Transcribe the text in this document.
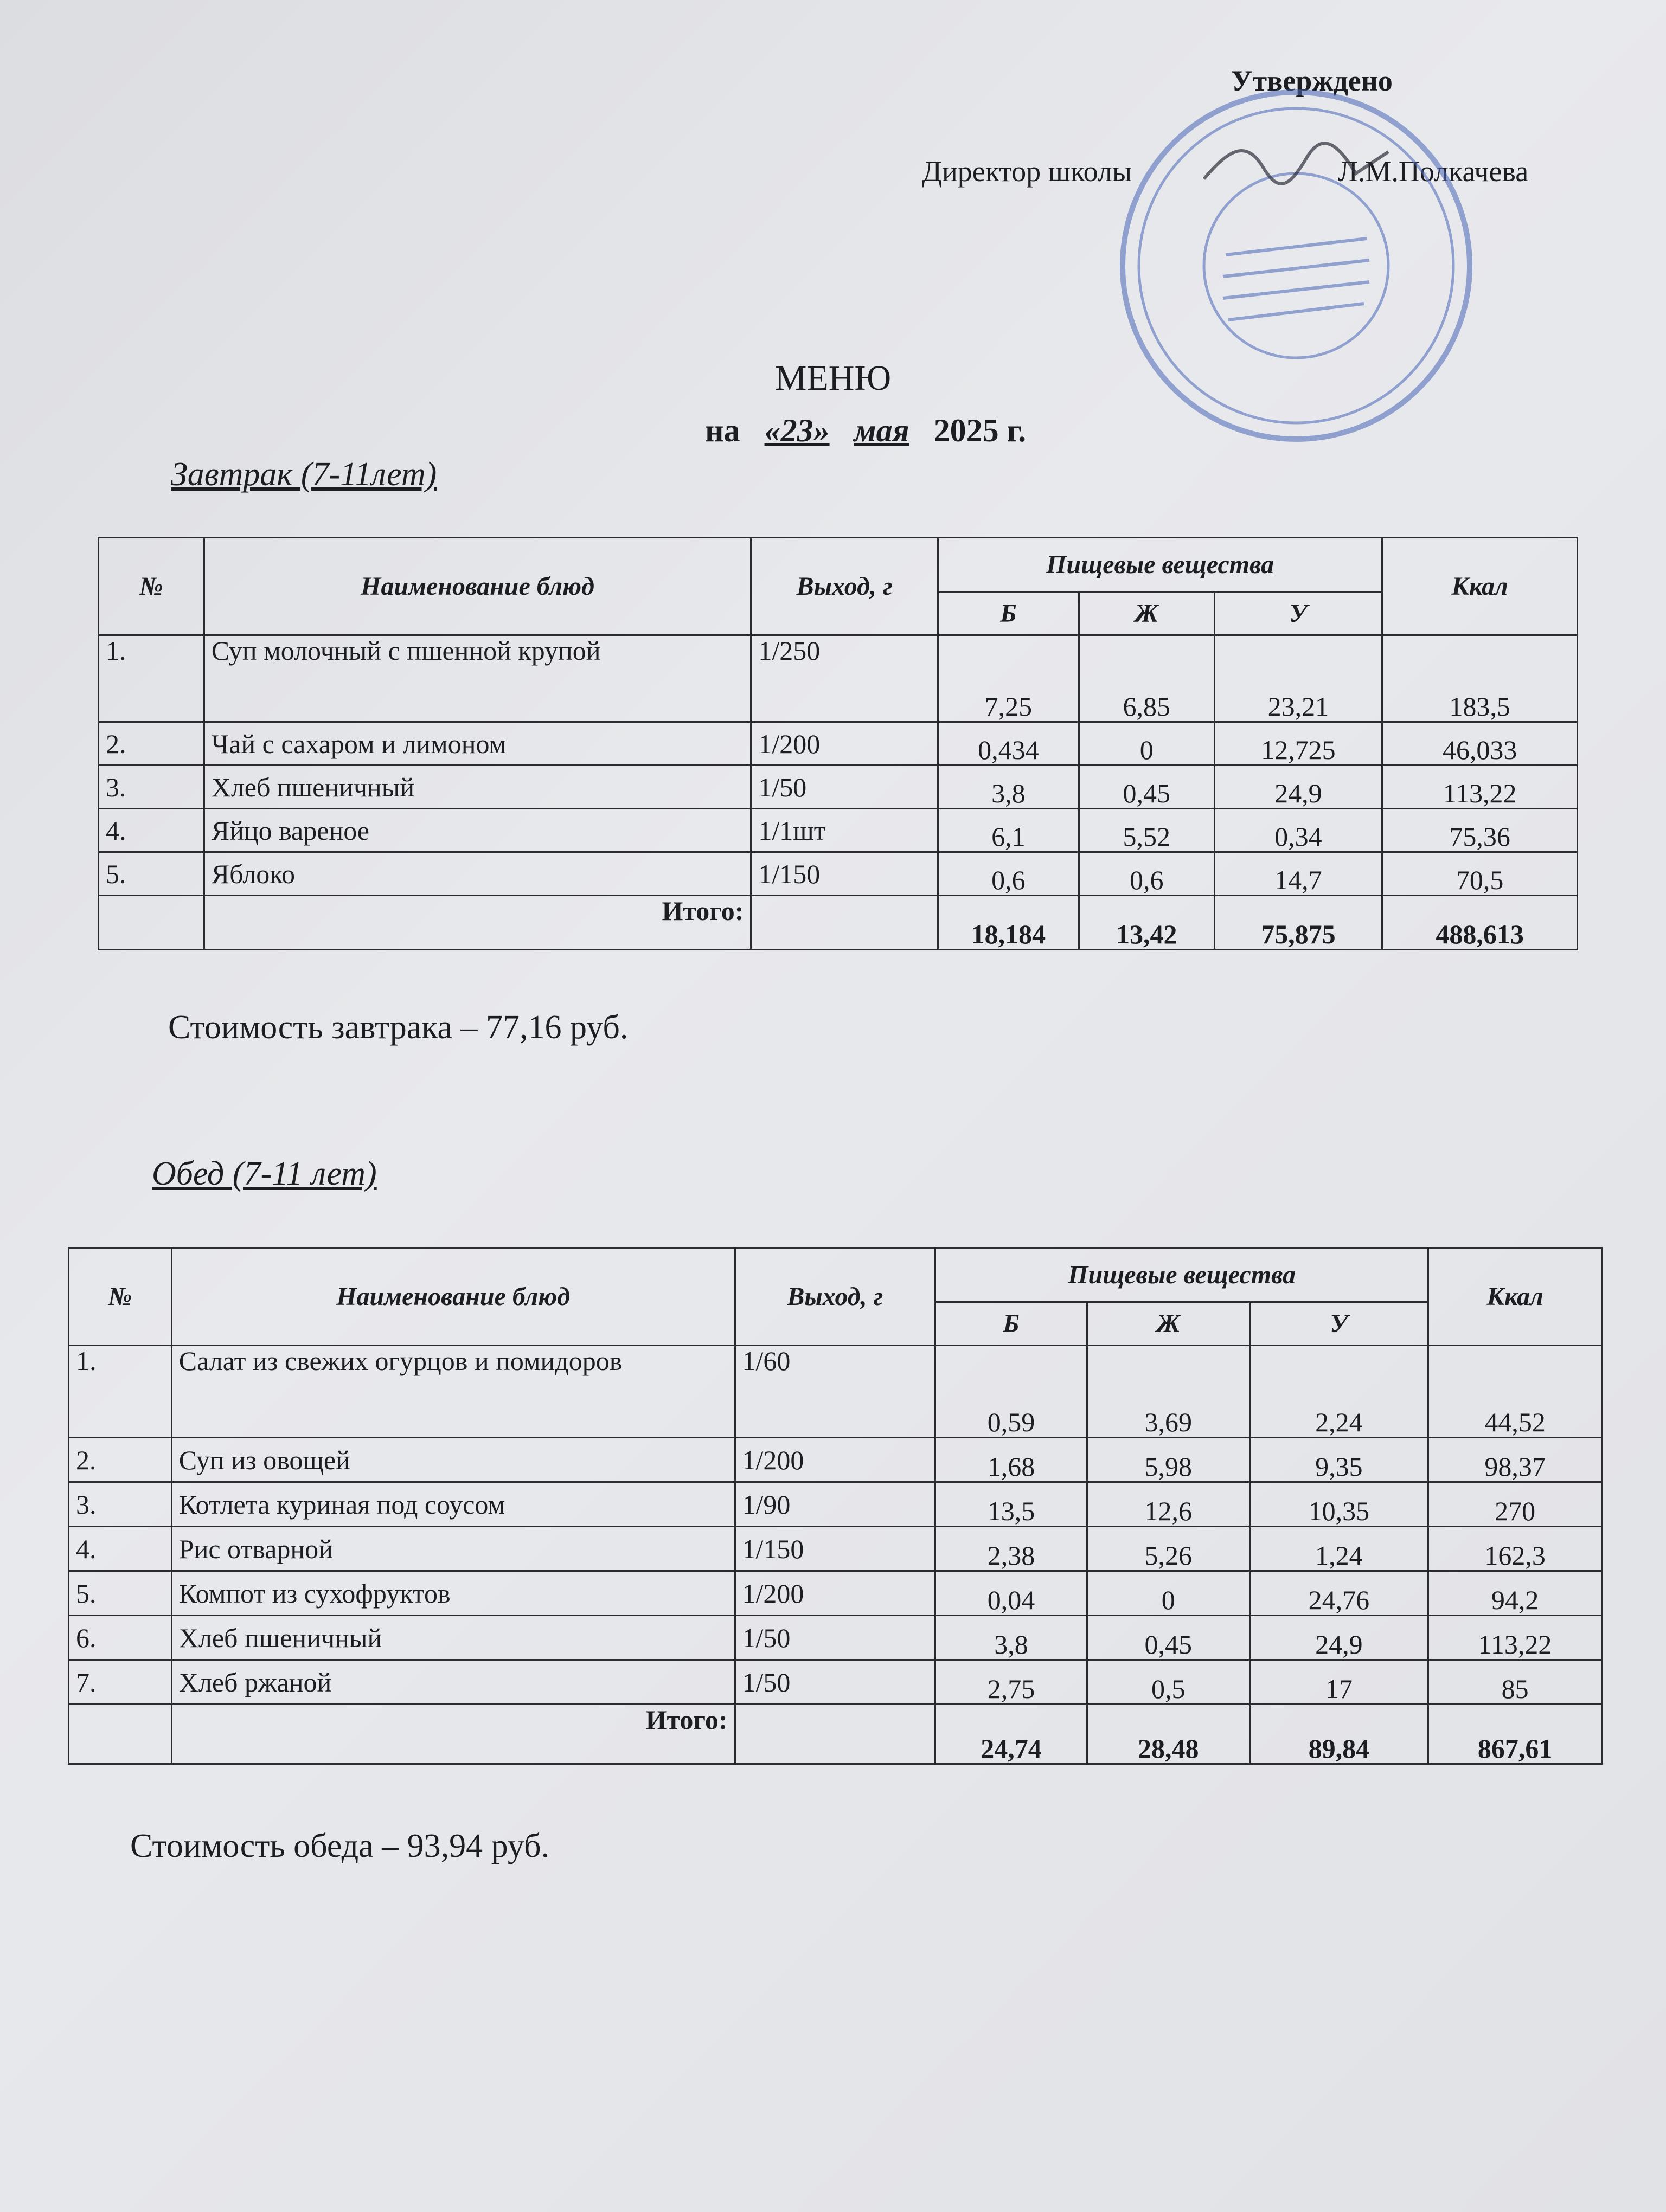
Утверждено
Директор школы	Л.М.Полкачева
МЕНЮ
на «23» мая 2025 г.
Завтрак (7-11лет)
№	Наименование блюд	Выход, г	Пищевые вещества			Ккал
			Б	Ж	У	
1.	Суп молочный с пшенной крупой	1/250	7,25	6,85	23,21	183,5
2.	Чай с сахаром и лимоном	1/200	0,434	0	12,725	46,033
3.	Хлеб пшеничный	1/50	3,8	0,45	24,9	113,22
4.	Яйцо вареное	1/1шт	6,1	5,52	0,34	75,36
5.	Яблоко	1/150	0,6	0,6	14,7	70,5
	Итого:		18,184	13,42	75,875	488,613
Стоимость завтрака – 77,16 руб.
Обед (7-11 лет)
№	Наименование блюд	Выход, г	Пищевые вещества			Ккал
			Б	Ж	У	
1.	Салат из свежих огурцов и помидоров	1/60	0,59	3,69	2,24	44,52
2.	Суп из овощей	1/200	1,68	5,98	9,35	98,37
3.	Котлета куриная под соусом	1/90	13,5	12,6	10,35	270
4.	Рис отварной	1/150	2,38	5,26	1,24	162,3
5.	Компот из сухофруктов	1/200	0,04	0	24,76	94,2
6.	Хлеб пшеничный	1/50	3,8	0,45	24,9	113,22
7.	Хлеб ржаной	1/50	2,75	0,5	17	85
	Итого:		24,74	28,48	89,84	867,61
Стоимость обеда – 93,94 руб.
